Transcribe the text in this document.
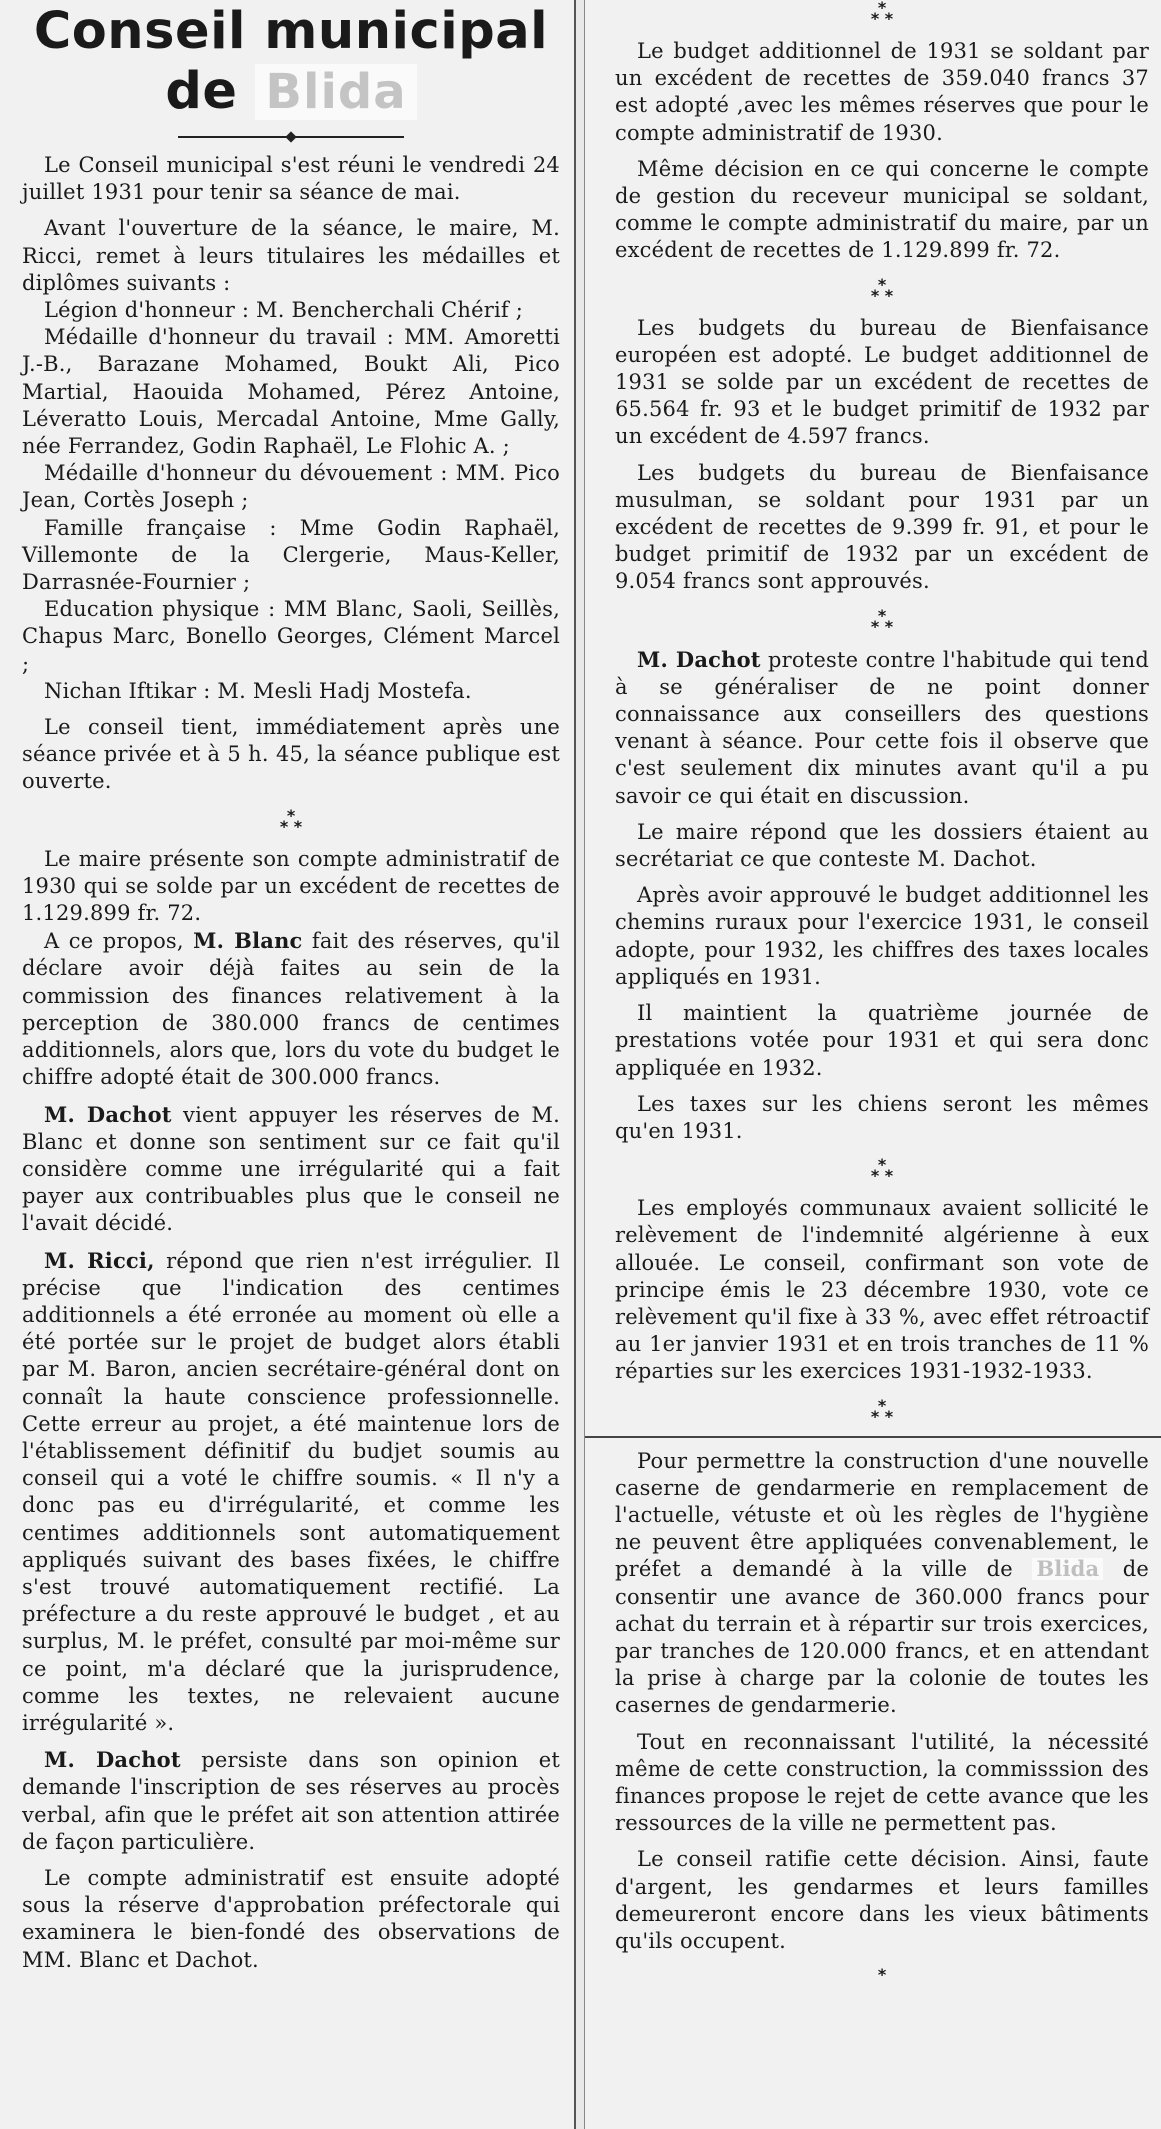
Conseil municipal
de Blida

Le Conseil municipal s'est réuni le vendredi 24 juillet 1931 pour tenir sa séance de mai.

Avant l'ouverture de la séance, le maire, M. Ricci, remet à leurs titulaires les médailles et diplômes suivants :

Légion d'honneur : M. Bencherchali Chérif ;

Médaille d'honneur du travail : MM. Amoretti J.-B., Barazane Mohamed, Boukt Ali, Pico Martial, Haouida Mohamed, Pérez Antoine, Léveratto Louis, Mercadal Antoine, Mme Gally, née Ferrandez, Godin Raphaël, Le Flohic A. ;

Médaille d'honneur du dévouement : MM. Pico Jean, Cortès Joseph ;

Famille française : Mme Godin Raphaël, Villemonte de la Clergerie, Maus-Keller, Darrasnée-Fournier ;

Education physique : MM Blanc, Saoli, Seillès, Chapus Marc, Bonello Georges, Clément Marcel ;

Nichan Iftikar : M. Mesli Hadj Mostefa.

Le conseil tient, immédiatement après une séance privée et à 5 h. 45, la séance publique est ouverte.

*
* *

Le maire présente son compte administratif de 1930 qui se solde par un excédent de recettes de 1.129.899 fr. 72.

A ce propos, M. Blanc fait des réserves, qu'il déclare avoir déjà faites au sein de la commission des finances relativement à la perception de 380.000 francs de centimes additionnels, alors que, lors du vote du budget le chiffre adopté était de 300.000 francs.

M. Dachot vient appuyer les réserves de M. Blanc et donne son sentiment sur ce fait qu'il considère comme une irrégularité qui a fait payer aux contribuables plus que le conseil ne l'avait décidé.

M. Ricci, répond que rien n'est irrégulier. Il précise que l'indication des centimes additionnels a été erronée au moment où elle a été portée sur le projet de budget alors établi par M. Baron, ancien secrétaire-général dont on connaît la haute conscience professionnelle. Cette erreur au projet, a été maintenue lors de l'établissement définitif du budjet soumis au conseil qui a voté le chiffre soumis. « Il n'y a donc pas eu d'irrégularité, et comme les centimes additionnels sont automatiquement appliqués suivant des bases fixées, le chiffre s'est trouvé automatiquement rectifié. La préfecture a du reste approuvé le budget , et au surplus, M. le préfet, consulté par moi-même sur ce point, m'a déclaré que la jurisprudence, comme les textes, ne relevaient aucune irrégularité ».

M. Dachot persiste dans son opinion et demande l'inscription de ses réserves au procès verbal, afin que le préfet ait son attention attirée de façon particulière.

Le compte administratif est ensuite adopté sous la réserve d'approbation préfectorale qui examinera le bien-fondé des observations de MM. Blanc et Dachot.

*
* *

Le budget additionnel de 1931 se soldant par un excédent de recettes de 359.040 francs 37 est adopté ,avec les mêmes réserves que pour le compte administratif de 1930.

Même décision en ce qui concerne le compte de gestion du receveur municipal se soldant, comme le compte administratif du maire, par un excédent de recettes de 1.129.899 fr. 72.

*
* *

Les budgets du bureau de Bienfaisance européen est adopté. Le budget additionnel de 1931 se solde par un excédent de recettes de 65.564 fr. 93 et le budget primitif de 1932 par un excédent de 4.597 francs.

Les budgets du bureau de Bienfaisance musulman, se soldant pour 1931 par un excédent de recettes de 9.399 fr. 91, et pour le budget primitif de 1932 par un excédent de 9.054 francs sont approuvés.

*
* *

M. Dachot proteste contre l'habitude qui tend à se généraliser de ne point donner connaissance aux conseillers des questions venant à séance. Pour cette fois il observe que c'est seulement dix minutes avant qu'il a pu savoir ce qui était en discussion.

Le maire répond que les dossiers étaient au secrétariat ce que conteste M. Dachot.

Après avoir approuvé le budget additionnel les chemins ruraux pour l'exercice 1931, le conseil adopte, pour 1932, les chiffres des taxes locales appliqués en 1931.

Il maintient la quatrième journée de prestations votée pour 1931 et qui sera donc appliquée en 1932.

Les taxes sur les chiens seront les mêmes qu'en 1931.

*
* *

Les employés communaux avaient sollicité le relèvement de l'indemnité algérienne à eux allouée. Le conseil, confirmant son vote de principe émis le 23 décembre 1930, vote ce relèvement qu'il fixe à 33 %, avec effet rétroactif au 1er janvier 1931 et en trois tranches de 11 % réparties sur les exercices 1931-1932-1933.

*
* *

Pour permettre la construction d'une nouvelle caserne de gendarmerie en remplacement de l'actuelle, vétuste et où les règles de l'hygiène ne peuvent être appliquées convenablement, le préfet a demandé à la ville de Blida de consentir une avance de 360.000 francs pour achat du terrain et à répartir sur trois exercices, par tranches de 120.000 francs, et en attendant la prise à charge par la colonie de toutes les casernes de gendarmerie.

Tout en reconnaissant l'utilité, la nécessité même de cette construction, la commisssion des finances propose le rejet de cette avance que les ressources de la ville ne permettent pas.

Le conseil ratifie cette décision. Ainsi, faute d'argent, les gendarmes et leurs familles demeureront encore dans les vieux bâtiments qu'ils occupent.

*
